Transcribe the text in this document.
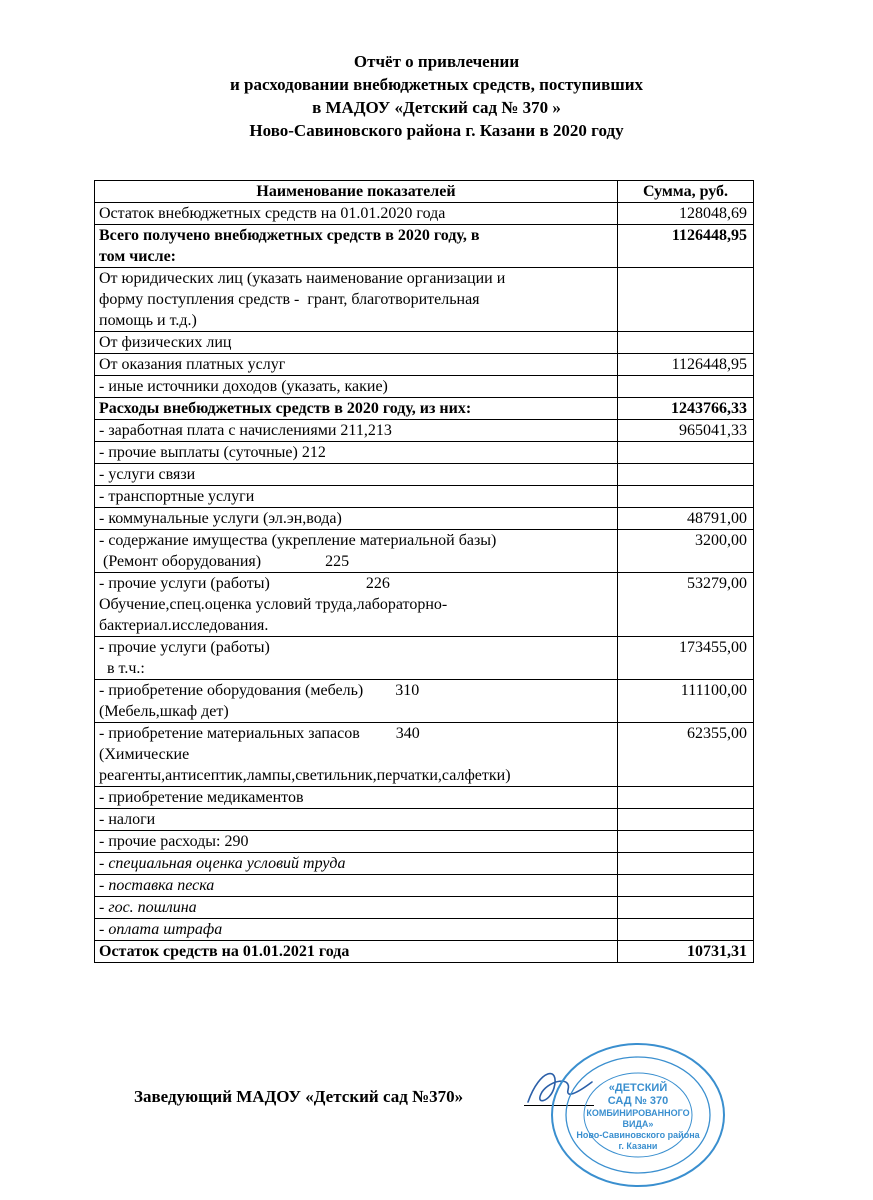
Отчёт о привлечении
и расходовании внебюджетных средств, поступивших
в МАДОУ «Детский сад № 370 »
Ново-Савиновского района г. Казани в 2020 году
Наименование показателей	Сумма, руб.

Остаток внебюджетных средств на 01.01.2020 года	128048,69

Всего получено внебюджетных средств в 2020 году, в
том числе:	1126448,95

От юридических лиц (указать наименование организации и
форму поступления средств -  грант, благотворительная
помощь и т.д.)	

От физических лиц	

От оказания платных услуг	1126448,95

- иные источники доходов (указать, какие)	

Расходы внебюджетных средств в 2020 году, из них:	1243766,33

- заработная плата с начислениями 211,213	965041,33

- прочие выплаты (суточные) 212	

- услуги связи	

- транспортные услуги	

- коммунальные услуги (эл.эн,вода)	48791,00

- содержание имущества (укрепление материальной базы)
(Ремонт оборудования)                225	3200,00

- прочие услуги (работы)                        226
Обучение,спец.оценка условий труда,лабораторно-
бактериал.исследования.	53279,00

- прочие услуги (работы)
в т.ч.:	173455,00

- приобретение оборудования (мебель)        310
(Мебель,шкаф дет)	111100,00

- приобретение материальных запасов         340
(Химические
реагенты,антисептик,лампы,светильник,перчатки,салфетки)	62355,00

- приобретение медикаментов	

- налоги	

- прочие расходы: 290	

- специальная оценка условий труда	

- поставка песка	

- гос. пошлина	

- оплата штрафа	

Остаток средств на 01.01.2021 года	10731,31
Заведующий МАДОУ «Детский сад №370»	«ДЕТСКИЙ
САД № 370
КОМБИНИРОВАННОГО
ВИДА»
Ново-Савиновского района
г. Казани
